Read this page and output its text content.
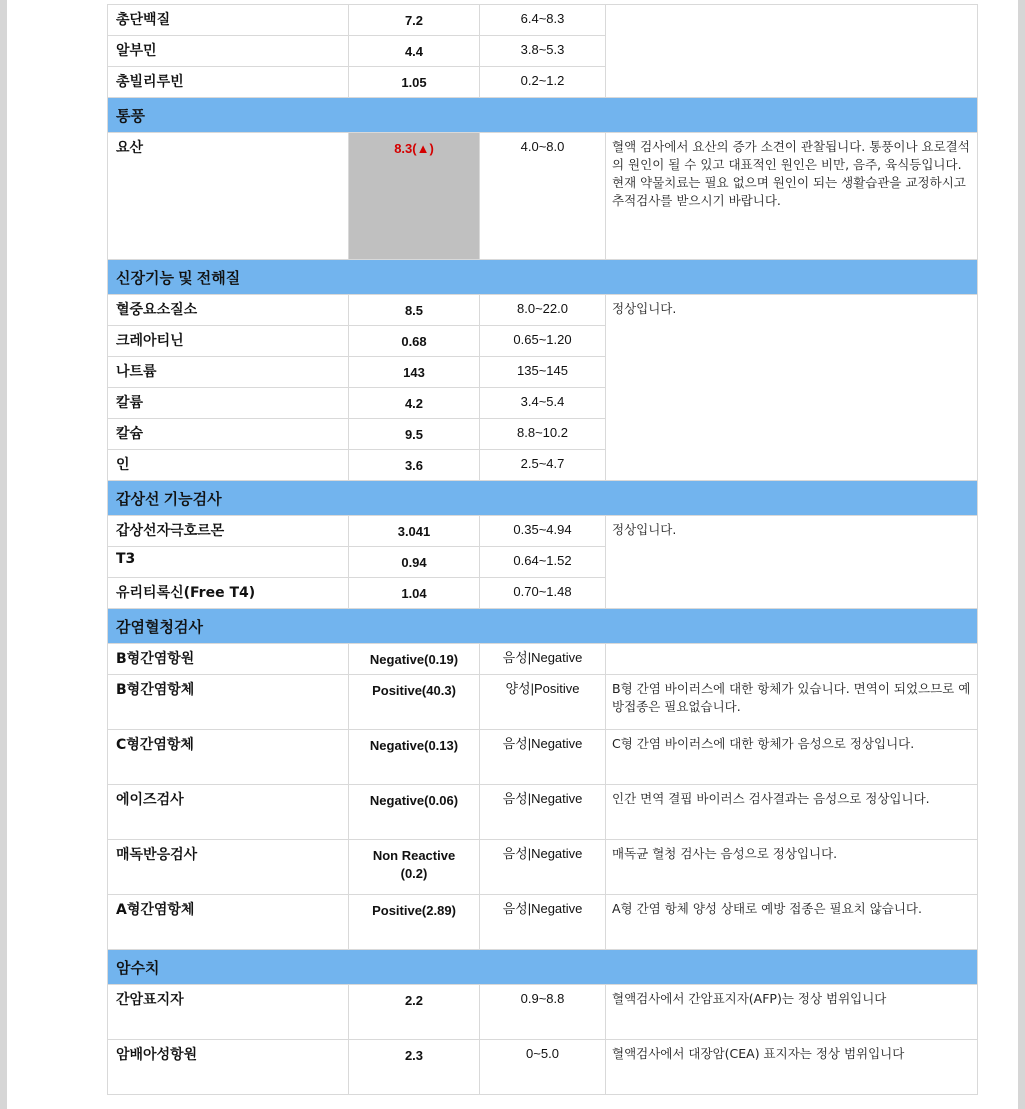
총단백질	7.2	6.4~8.3	
알부민	4.4	3.8~5.3	
총빌리루빈	1.05	0.2~1.2	
통풍			
요산	8.3(▲)	4.0~8.0	혈액 검사에서 요산의 증가 소견이 관찰됩니다. 통풍이나 요로결석의 원인이 될 수 있고 대표적인 원인은 비만, 음주, 육식등입니다. 현재 약물치료는 필요 없으며 원인이 되는 생활습관을 교정하시고 추적검사를 받으시기 바랍니다.
신장기능 및 전해질			
혈중요소질소	8.5	8.0~22.0	정상입니다.
크레아티닌	0.68	0.65~1.20	
나트륨	143	135~145	
칼륨	4.2	3.4~5.4	
칼슘	9.5	8.8~10.2	
인	3.6	2.5~4.7	
갑상선 기능검사			
갑상선자극호르몬	3.041	0.35~4.94	정상입니다.
T3	0.94	0.64~1.52	
유리티록신(Free T4)	1.04	0.70~1.48	
감염혈청검사			
B형간염항원	Negative(0.19)	음성|Negative	
B형간염항체	Positive(40.3)	양성|Positive	B형 간염 바이러스에 대한 항체가 있습니다. 면역이 되었으므로 예방접종은 필요없습니다.
C형간염항체	Negative(0.13)	음성|Negative	C형 간염 바이러스에 대한 항체가 음성으로 정상입니다.
에이즈검사	Negative(0.06)	음성|Negative	인간 면역 결핍 바이러스 검사결과는 음성으로 정상입니다.
매독반응검사	Non Reactive (0.2)	음성|Negative	매독균 혈청 검사는 음성으로 정상입니다.
A형간염항체	Positive(2.89)	음성|Negative	A형 간염 항체 양성 상태로 예방 접종은 필요치 않습니다.
암수치			
간암표지자	2.2	0.9~8.8	혈액검사에서 간암표지자(AFP)는 정상 범위입니다
암배아성항원	2.3	0~5.0	혈액검사에서 대장암(CEA) 표지자는 정상 범위입니다
